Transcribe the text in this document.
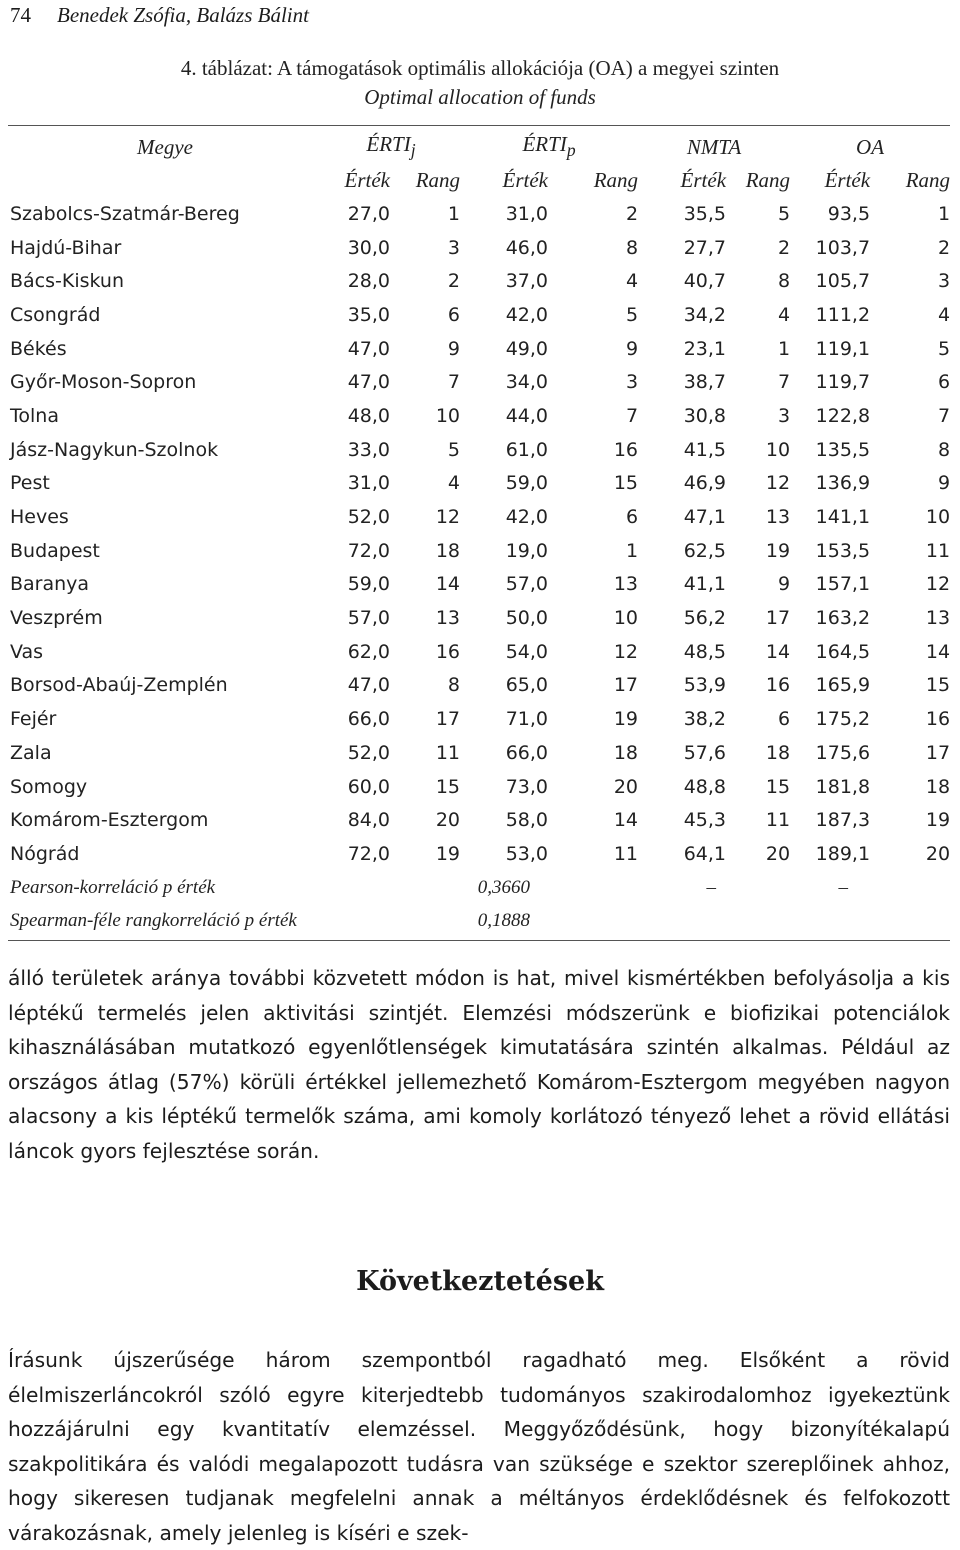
74 Benedek Zsófia, Balázs Bálint
4. táblázat: A támogatások optimális allokációja (OA) a megyei szinten
Optimal allocation of funds
Megye	$ÉRTI_j$		$ÉRTI_p$		NMTA		OA	
	Érték	Rang	Érték	Rang	Érték	Rang	Érték	Rang
Szabolcs-Szatmár-Bereg	27,0	1	31,0	2	35,5	5	93,5	1
Hajdú-Bihar	30,0	3	46,0	8	27,7	2	103,7	2
Bács-Kiskun	28,0	2	37,0	4	40,7	8	105,7	3
Csongrád	35,0	6	42,0	5	34,2	4	111,2	4
Békés	47,0	9	49,0	9	23,1	1	119,1	5
Győr-Moson-Sopron	47,0	7	34,0	3	38,7	7	119,7	6
Tolna	48,0	10	44,0	7	30,8	3	122,8	7
Jász-Nagykun-Szolnok	33,0	5	61,0	16	41,5	10	135,5	8
Pest	31,0	4	59,0	15	46,9	12	136,9	9
Heves	52,0	12	42,0	6	47,1	13	141,1	10
Budapest	72,0	18	19,0	1	62,5	19	153,5	11
Baranya	59,0	14	57,0	13	41,1	9	157,1	12
Veszprém	57,0	13	50,0	10	56,2	17	163,2	13
Vas	62,0	16	54,0	12	48,5	14	164,5	14
Borsod-Abaúj-Zemplén	47,0	8	65,0	17	53,9	16	165,9	15
Fejér	66,0	17	71,0	19	38,2	6	175,2	16
Zala	52,0	11	66,0	18	57,6	18	175,6	17
Somogy	60,0	15	73,0	20	48,8	15	181,8	18
Komárom-Esztergom	84,0	20	58,0	14	45,3	11	187,3	19
Nógrád	72,0	19	53,0	11	64,1	20	189,1	20
Pearson-korreláció p érték		0,3660			–		–	
Spearman-féle rangkorreláció p érték		0,1888						

álló területek aránya további közvetett módon is hat, mivel kismértékben befolyásolja a kis léptékű termelés jelen aktivitási szintjét. Elemzési módszerünk e biofizikai potenciálok kihasználásában mutatkozó egyenlőtlenségek kimutatására szintén alkalmas. Például az országos átlag (57%) körüli értékkel jellemezhető Komárom-Esztergom megyében nagyon alacsony a kis léptékű termelők száma, ami komoly korlátozó tényező lehet a rövid ellátási láncok gyors fejlesztése során.

Következtetések

Írásunk újszerűsége három szempontból ragadható meg. Elsőként a rövid élelmiszerláncokról szóló egyre kiterjedtebb tudományos szakirodalomhoz igyekeztünk hozzájárulni egy kvantitatív elemzéssel. Meggyőződésünk, hogy bizonyítékalapú szakpolitikára és valódi megalapozott tudásra van szüksége e szektor szereplőinek ahhoz, hogy sikeresen tudjanak megfelelni annak a méltányos érdeklődésnek és felfokozott várakozásnak, amely jelenleg is kíséri e szek-
